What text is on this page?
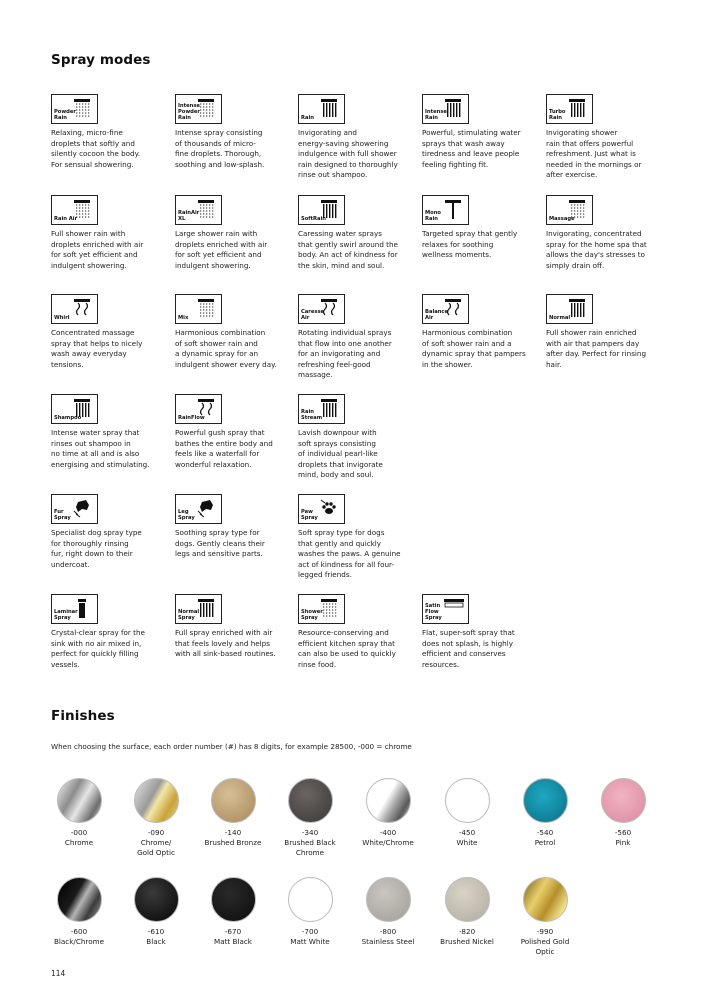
Spray modes
Powder
Rain
Relaxing, micro-fine
droplets that softly and
silently cocoon the body.
For sensual showering.
Intense
Powder
Rain
Intense spray consisting
of thousands of micro-
fine droplets. Thorough,
soothing and low-splash.
Rain
Invigorating and
energy-saving showering
indulgence with full shower
rain designed to thoroughly
rinse out shampoo.
Intense
Rain
Powerful, stimulating water
sprays that wash away
tiredness and leave people
feeling fighting fit.
Turbo
Rain
Invigorating shower
rain that offers powerful
refreshment. Just what is
needed in the mornings or
after exercise.
Rain Air
Full shower rain with
droplets enriched with air
for soft yet efficient and
indulgent showering.
RainAir
XL
Large shower rain with
droplets enriched with air
for soft yet efficient and
indulgent showering.
SoftRain
Caressing water sprays
that gently swirl around the
body. An act of kindness for
the skin, mind and soul.
Mono
Rain
Targeted spray that gently
relaxes for soothing
wellness moments.
Massage
Invigorating, concentrated
spray for the home spa that
allows the day's stresses to
simply drain off.
Whirl
Concentrated massage
spray that helps to nicely
wash away everyday
tensions.
Mix
Harmonious combination
of soft shower rain and
a dynamic spray for an
indulgent shower every day.
Caresse
Air
Rotating individual sprays
that flow into one another
for an invigorating and
refreshing feel-good
massage.
Balance
Air
Harmonious combination
of soft shower rain and a
dynamic spray that pampers
in the shower.
Normal
Full shower rain enriched
with air that pampers day
after day. Perfect for rinsing
hair.
Shampoo
Intense water spray that
rinses out shampoo in
no time at all and is also
energising and stimulating.
RainFlow
Powerful gush spray that
bathes the entire body and
feels like a waterfall for
wonderful relaxation.
Rain
Stream
Lavish downpour with
soft sprays consisting
of individual pearl-like
droplets that invigorate
mind, body and soul.
Fur
Spray
Specialist dog spray type
for thoroughly rinsing
fur, right down to their
undercoat.
Leg
Spray
Soothing spray type for
dogs. Gently cleans their
legs and sensitive parts.
Paw
Spray
Soft spray type for dogs
that gently and quickly
washes the paws. A genuine
act of kindness for all four-
legged friends.
Laminar
Spray
Crystal-clear spray for the
sink with no air mixed in,
perfect for quickly filling
vessels.
Normal
Spray
Full spray enriched with air
that feels lovely and helps
with all sink-based routines.
Shower
Spray
Resource-conserving and
efficient kitchen spray that
can also be used to quickly
rinse food.
Satin
Flow
Spray
Flat, super-soft spray that
does not splash, is highly
efficient and conserves
resources.
Finishes
When choosing the surface, each order number (#) has 8 digits, for example 28500, -000 = chrome
-000
Chrome
-090
Chrome/
Gold Optic
-140
Brushed Bronze
-340
Brushed Black
Chrome
-400
White/Chrome
-450
White
-540
Petrol
-560
Pink
-600
Black/Chrome
-610
Black
-670
Matt Black
-700
Matt White
-800
Stainless Steel
-820
Brushed Nickel
-990
Polished Gold
Optic
114
